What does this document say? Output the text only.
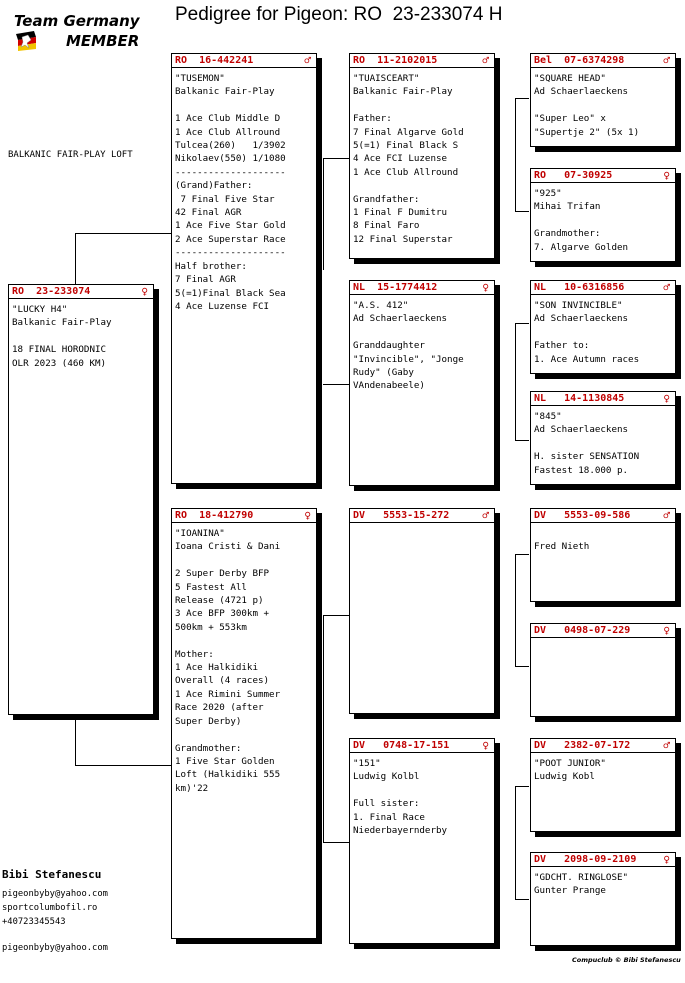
Team Germany
MEMBER
Pedigree for Pigeon: RO  23-233074 H
BALKANIC FAIR-PLAY LOFT
RO  23-233074	♀
"LUCKY H4"
Balkanic Fair-Play

18 FINAL HORODNIC
OLR 2023 (460 KM)
RO  16-442241	♂
"TUSEMON"
Balkanic Fair-Play

1 Ace Club Middle D
1 Ace Club Allround
Tulcea(260)   1/3902
Nikolaev(550) 1/1080
--------------------
(Grand)Father:
7 Final Five Star
42 Final AGR
1 Ace Five Star Gold
2 Ace Superstar Race
--------------------
Half brother:
7 Final AGR
5(=1)Final Black Sea
4 Ace Luzense FCI
RO  18-412790	♀
"IOANINA"
Ioana Cristi & Dani

2 Super Derby BFP
5 Fastest All
Release (4721 p)
3 Ace BFP 300km +
500km + 553km

Mother:
1 Ace Halkidiki
Overall (4 races)
1 Ace Rimini Summer
Race 2020 (after
Super Derby)

Grandmother:
1 Five Star Golden
Loft (Halkidiki 555
km)'22
RO  11-2102015	♂
"TUAISCEART"
Balkanic Fair-Play

Father:
7 Final Algarve Gold
5(=1) Final Black S
4 Ace FCI Luzense
1 Ace Club Allround

Grandfather:
1 Final F Dumitru
8 Final Faro
12 Final Superstar
NL  15-1774412	♀
"A.S. 412"
Ad Schaerlaeckens

Granddaughter
"Invincible", "Jonge
Rudy" (Gaby
VAndenabeele)
DV   5553-15-272	♂
DV   0748-17-151	♀
"151"
Ludwig Kolbl

Full sister:
1. Final Race
Niederbayernderby
Bel  07-6374298	♂
"SQUARE HEAD"
Ad Schaerlaeckens

"Super Leo" x
"Supertje 2" (5x 1)
RO   07-30925	♀
"925"
Mihai Trifan

Grandmother:
7. Algarve Golden
NL   10-6316856	♂
"SON INVINCIBLE"
Ad Schaerlaeckens

Father to:
1. Ace Autumn races
NL   14-1130845	♀
"845"
Ad Schaerlaeckens

H. sister SENSATION
Fastest 18.000 p.
DV   5553-09-586	♂

Fred Nieth
DV   0498-07-229	♀
DV   2382-07-172	♂
"POOT JUNIOR"
Ludwig Kobl
DV   2098-09-2109 ♀
"GDCHT. RINGLOSE"
Gunter Prange
Bibi Stefanescu
pigeonbyby@yahoo.com
sportcolumbofil.ro
+40723345543
pigeonbyby@yahoo.com
Compuclub © Bibi Stefanescu
